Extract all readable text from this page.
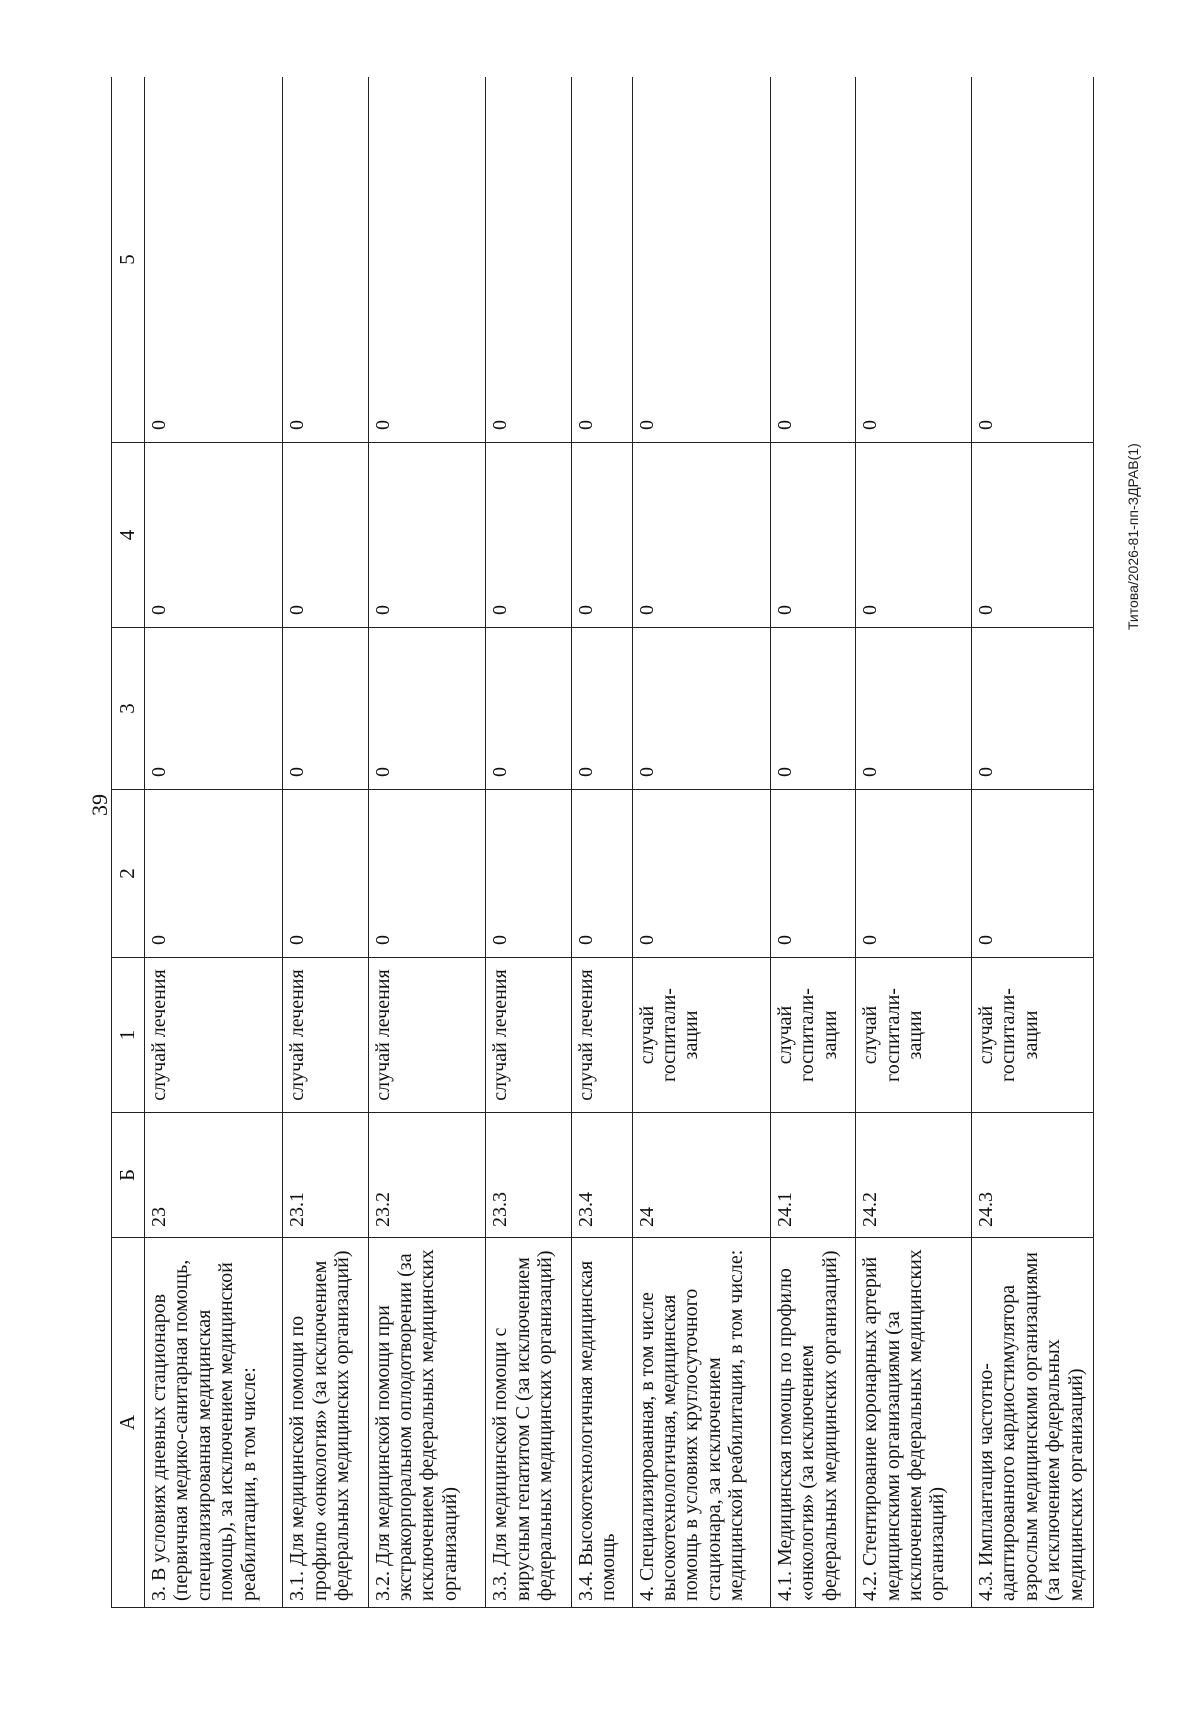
39
Титова/2026-81-пп-ЗДРАВ(1)
А	Б	1	2	3	4	5
3. В условиях дневных стационаров (первичная медико-санитарная помощь, специализированная медицинская помощь), за исключением медицинской реабилитации, в том числе:	23	случай лечения	0	0	0	0
3.1. Для медицинской помощи по профилю «онкология» (за исключением федеральных медицинских организаций)	23.1	случай лечения	0	0	0	0
3.2. Для медицинской помощи при экстракорпоральном оплодотворении (за исключением федеральных медицинских организаций)	23.2	случай лечения	0	0	0	0
3.3. Для медицинской помощи с вирусным гепатитом С (за исключением федеральных медицинских организаций)	23.3	случай лечения	0	0	0	0
3.4. Высокотехнологичная медицинская помощь	23.4	случай лечения	0	0	0	0
4. Специализированная, в том числе высокотехнологичная, медицинская помощь в условиях круглосуточного стационара, за исключением медицинской реабилитации, в том числе:	24	случай госпитали-зации	0	0	0	0
4.1. Медицинская помощь по профилю «онкология» (за исключением федеральных медицинских организаций)	24.1	случай госпитали-зации	0	0	0	0
4.2. Стентирование коронарных артерий медицинскими организациями (за исключением федеральных медицинских организаций)	24.2	случай госпитали-зации	0	0	0	0
4.3. Имплантация частотно-адаптированного кардиостимулятора взрослым медицинскими организациями (за исключением федеральных медицинских организаций)	24.3	случай госпитали-зации	0	0	0	0
